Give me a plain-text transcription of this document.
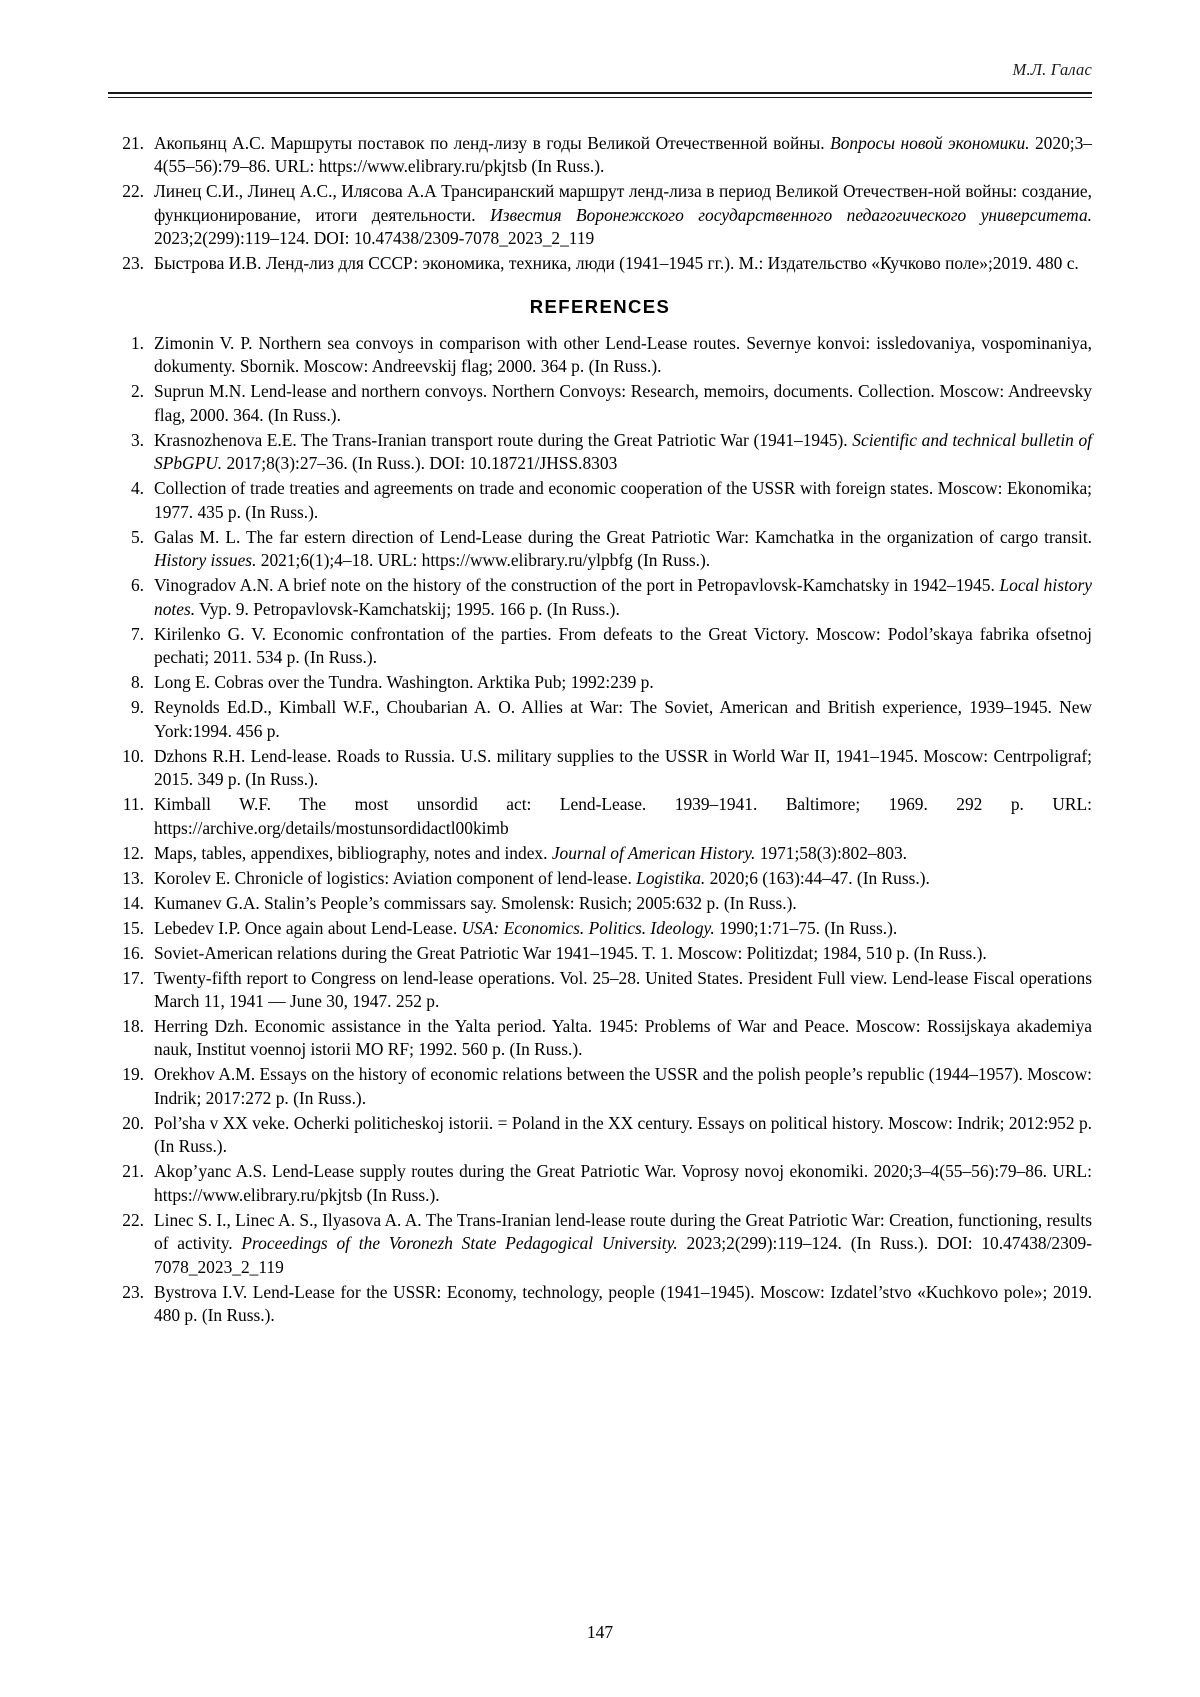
М.Л. Галас
21. Акопьянц А.С. Маршруты поставок по ленд-лизу в годы Великой Отечественной войны. Вопросы новой экономики. 2020;3–4(55–56):79–86. URL: https://www.elibrary.ru/pkjtsb (In Russ.).
22. Линец С.И., Линец А.С., Илясова А.А Трансиранский маршрут ленд-лиза в период Великой Отечествен-ной войны: создание, функционирование, итоги деятельности. Известия Воронежского государственного педагогического университета. 2023;2(299):119–124. DOI: 10.47438/2309-7078_2023_2_119
23. Быстрова И.В. Ленд-лиз для СССР: экономика, техника, люди (1941–1945 гг.). М.: Издательство «Кучково поле»;2019. 480 с.
REFERENCES
1. Zimonin V. P. Northern sea convoys in comparison with other Lend-Lease routes. Severnye konvoi: issledovaniya, vospominaniya, dokumenty. Sbornik. Moscow: Andreevskij flag; 2000. 364 p. (In Russ.).
2. Suprun M.N. Lend-lease and northern convoys. Northern Convoys: Research, memoirs, documents. Collection. Moscow: Andreevsky flag, 2000. 364. (In Russ.).
3. Krasnozhenova E.E. The Trans-Iranian transport route during the Great Patriotic War (1941–1945). Scientific and technical bulletin of SPbGPU. 2017;8(3):27–36. (In Russ.). DOI: 10.18721/JHSS.8303
4. Collection of trade treaties and agreements on trade and economic cooperation of the USSR with foreign states. Moscow: Ekonomika; 1977. 435 p. (In Russ.).
5. Galas M. L. The far estern direction of Lend-Lease during the Great Patriotic War: Kamchatka in the organization of cargo transit. History issues. 2021;6(1);4–18. URL: https://www.elibrary.ru/ylpbfg (In Russ.).
6. Vinogradov A.N. A brief note on the history of the construction of the port in Petropavlovsk-Kamchatsky in 1942–1945. Local history notes. Vyp. 9. Petropavlovsk-Kamchatskij; 1995. 166 p. (In Russ.).
7. Kirilenko G. V. Economic confrontation of the parties. From defeats to the Great Victory. Moscow: Podol’skaya fabrika ofsetnoj pechati; 2011. 534 p. (In Russ.).
8. Long E. Cobras over the Tundra. Washington. Arktika Pub; 1992:239 p.
9. Reynolds Ed.D., Kimball W.F., Choubarian A. O. Allies at War: The Soviet, American and British experience, 1939–1945. New York:1994. 456 p.
10. Dzhons R.H. Lend-lease. Roads to Russia. U.S. military supplies to the USSR in World War II, 1941–1945. Moscow: Centrpoligraf; 2015. 349 p. (In Russ.).
11. Kimball W.F. The most unsordid act: Lend-Lease. 1939–1941. Baltimore; 1969. 292 p. URL: https://archive.org/details/mostunsordidactl00kimb
12. Maps, tables, appendixes, bibliography, notes and index. Journal of American History. 1971;58(3):802–803.
13. Korolev E. Chronicle of logistics: Aviation component of lend-lease. Logistika. 2020;6 (163):44–47. (In Russ.).
14. Kumanev G.A. Stalin’s People’s commissars say. Smolensk: Rusich; 2005:632 p. (In Russ.).
15. Lebedev I.P. Once again about Lend-Lease. USA: Economics. Politics. Ideology. 1990;1:71–75. (In Russ.).
16. Soviet-American relations during the Great Patriotic War 1941–1945. T. 1. Moscow: Politizdat; 1984, 510 p. (In Russ.).
17. Twenty-fifth report to Congress on lend-lease operations. Vol. 25–28. United States. President Full view. Lend-lease Fiscal operations March 11, 1941 — June 30, 1947. 252 p.
18. Herring Dzh. Economic assistance in the Yalta period. Yalta. 1945: Problems of War and Peace. Moscow: Rossijskaya akademiya nauk, Institut voennoj istorii MO RF; 1992. 560 p. (In Russ.).
19. Orekhov A.M. Essays on the history of economic relations between the USSR and the polish people’s republic (1944–1957). Moscow: Indrik; 2017:272 p. (In Russ.).
20. Pol’sha v XX veke. Ocherki politicheskoj istorii. = Poland in the XX century. Essays on political history. Moscow: Indrik; 2012:952 p. (In Russ.).
21. Akop’yanc A.S. Lend-Lease supply routes during the Great Patriotic War. Voprosy novoj ekonomiki. 2020;3–4(55–56):79–86. URL: https://www.elibrary.ru/pkjtsb (In Russ.).
22. Linec S. I., Linec A. S., Ilyasova A. A. The Trans-Iranian lend-lease route during the Great Patriotic War: Creation, functioning, results of activity. Proceedings of the Voronezh State Pedagogical University. 2023;2(299):119–124. (In Russ.). DOI: 10.47438/2309-7078_2023_2_119
23. Bystrova I.V. Lend-Lease for the USSR: Economy, technology, people (1941–1945). Moscow: Izdatel’stvo «Kuchkovo pole»; 2019. 480 p. (In Russ.).
147
